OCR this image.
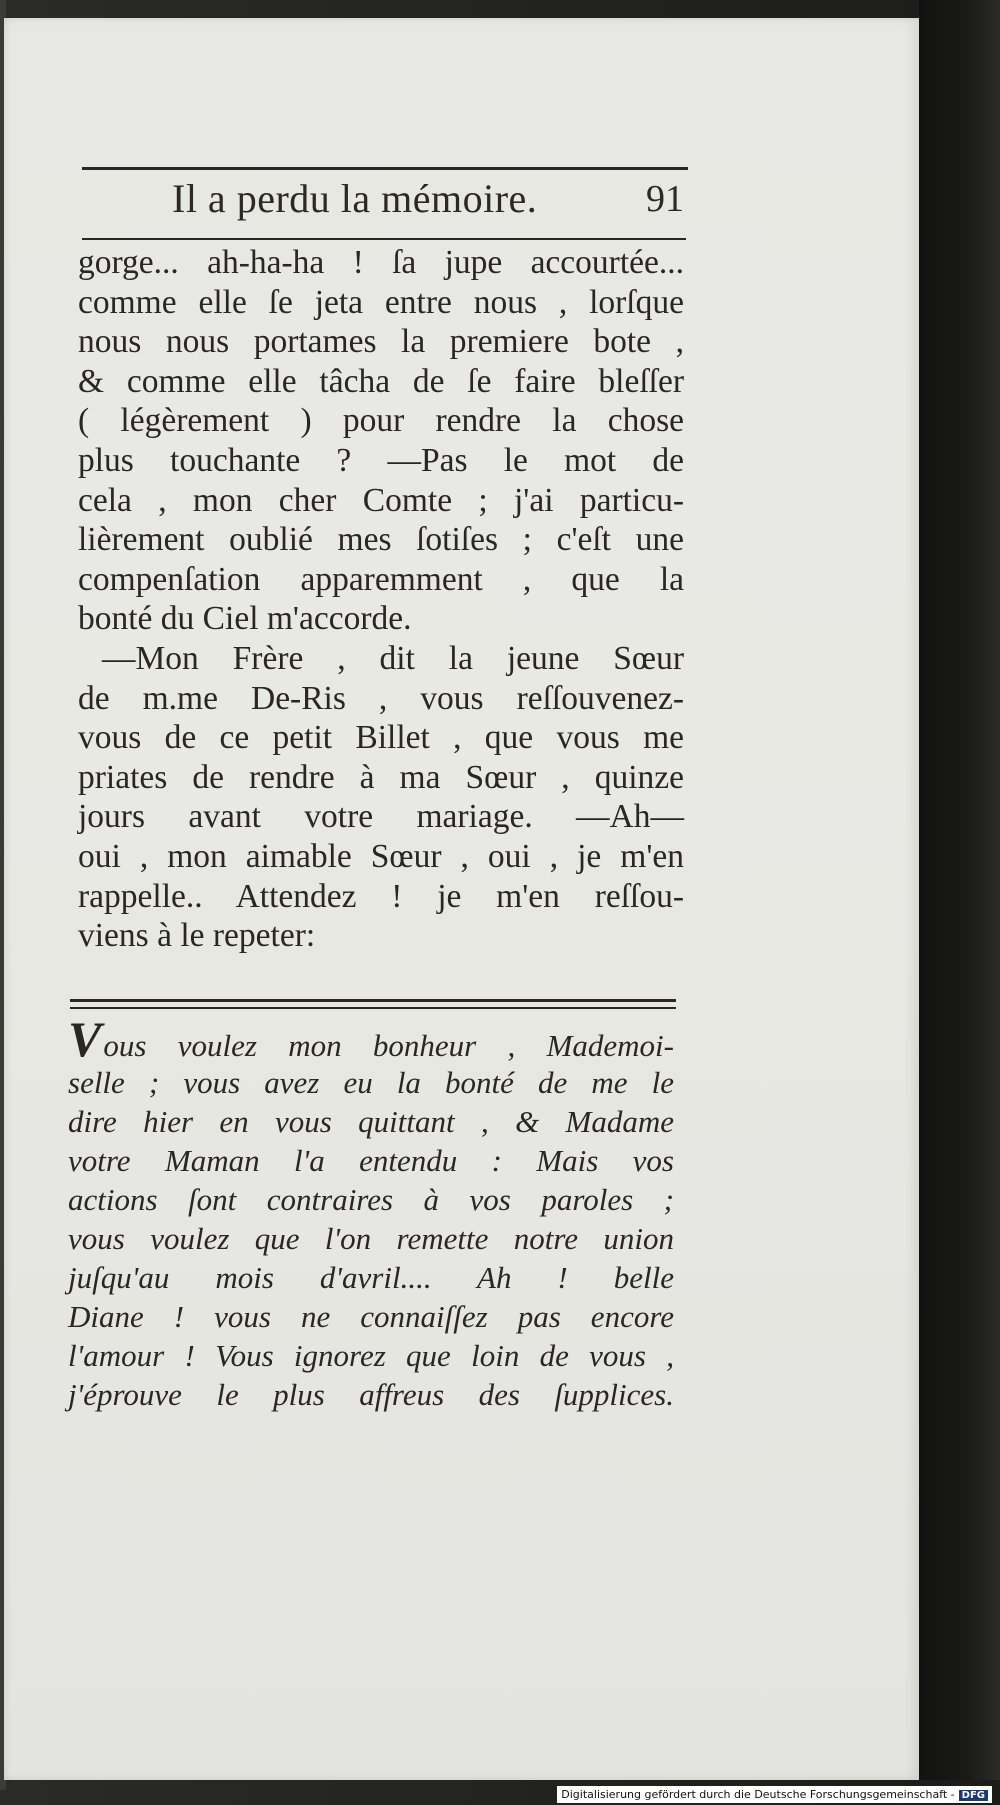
Il a perdu la mémoire.	91
gorge... ah-ha-ha ! ſa jupe accourtée...
comme elle ſe jeta entre nous , lorſque
nous nous portames la premiere bote ,
& comme elle tâcha de ſe faire bleſſer
( légèrement ) pour rendre la chose
plus touchante ? —Pas le mot de
cela , mon cher Comte ; j'ai particu-
lièrement oublié mes ſotiſes ; c'eſt une
compenſation apparemment , que la
bonté du Ciel m'accorde.
—Mon Frère , dit la jeune Sœur
de m.me De-Ris , vous reſſouvenez-
vous de ce petit Billet , que vous me
priates de rendre à ma Sœur , quinze
jours avant votre mariage. —Ah—
oui , mon aimable Sœur , oui , je m'en
rappelle.. Attendez ! je m'en reſſou-
viens à le repeter:
Vous voulez mon bonheur , Mademoi-
selle ; vous avez eu la bonté de me le
dire hier en vous quittant , & Madame
votre Maman l'a entendu : Mais vos
actions ſont contraires à vos paroles ;
vous voulez que l'on remette notre union
juſqu'au mois d'avril.... Ah ! belle
Diane ! vous ne connaiſſez pas encore
l'amour ! Vous ignorez que loin de vous ,
j'éprouve le plus affreus des ſupplices.
Digitalisierung gefördert durch die Deutsche Forschungsgemeinschaft - DFG
